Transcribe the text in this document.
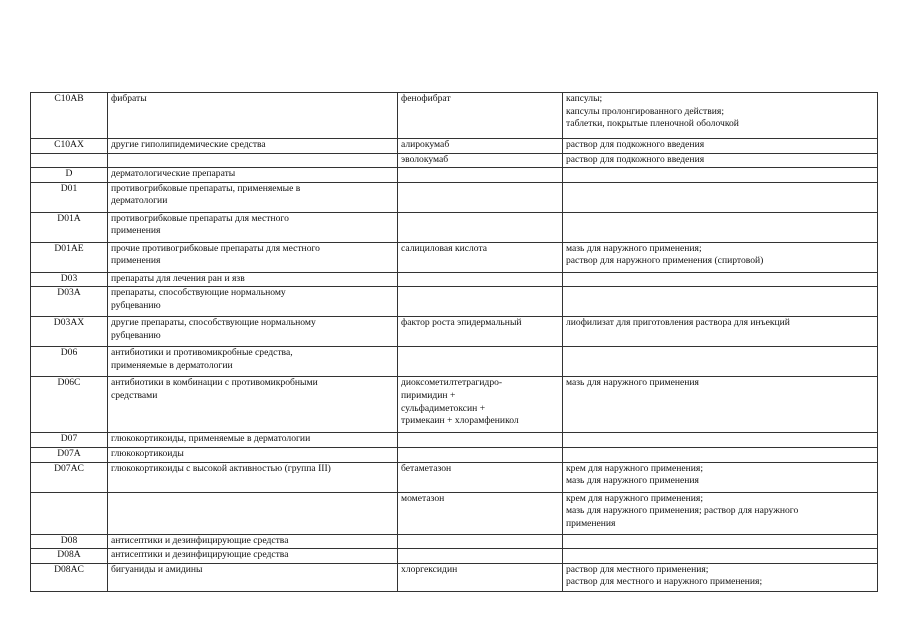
C10AB	фибраты	фенофибрат	капсулы;
капсулы пролонгированного действия;
таблетки, покрытые пленочной оболочкой

C10AX	другие гиполипидемические средства	алирокумаб	раствор для подкожного введения

		эволокумаб	раствор для подкожного введения

D	дерматологические препараты		

D01	противогрибковые препараты, применяемые в
дерматологии		

D01A	противогрибковые препараты для местного
применения		

D01AE	прочие противогрибковые препараты для местного
применения	салициловая кислота	мазь для наружного применения;
раствор для наружного применения (спиртовой)

D03	препараты для лечения ран и язв		

D03A	препараты, способствующие нормальному
рубцеванию		

D03AX	другие препараты, способствующие нормальному
рубцеванию	фактор роста эпидермальный	лиофилизат для приготовления раствора для инъекций

D06	антибиотики и противомикробные средства,
применяемые в дерматологии		

D06C	антибиотики в комбинации с противомикробными
средствами	диоксометилтетрагидро-
пиримидин +
сульфадиметоксин +
тримекаин + хлорамфеникол	мазь для наружного применения

D07	глюкокортикоиды, применяемые в дерматологии		

D07A	глюкокортикоиды		

D07AC	глюкокортикоиды с высокой активностью (группа III)	бетаметазон	крем для наружного применения;
мазь для наружного применения

		мометазон	крем для наружного применения;
мазь для наружного применения; раствор для наружного
применения

D08	антисептики и дезинфицирующие средства		

D08A	антисептики и дезинфицирующие средства		

D08AC	бигуаниды и амидины	хлоргексидин	раствор для местного применения;
раствор для местного и наружного применения;
